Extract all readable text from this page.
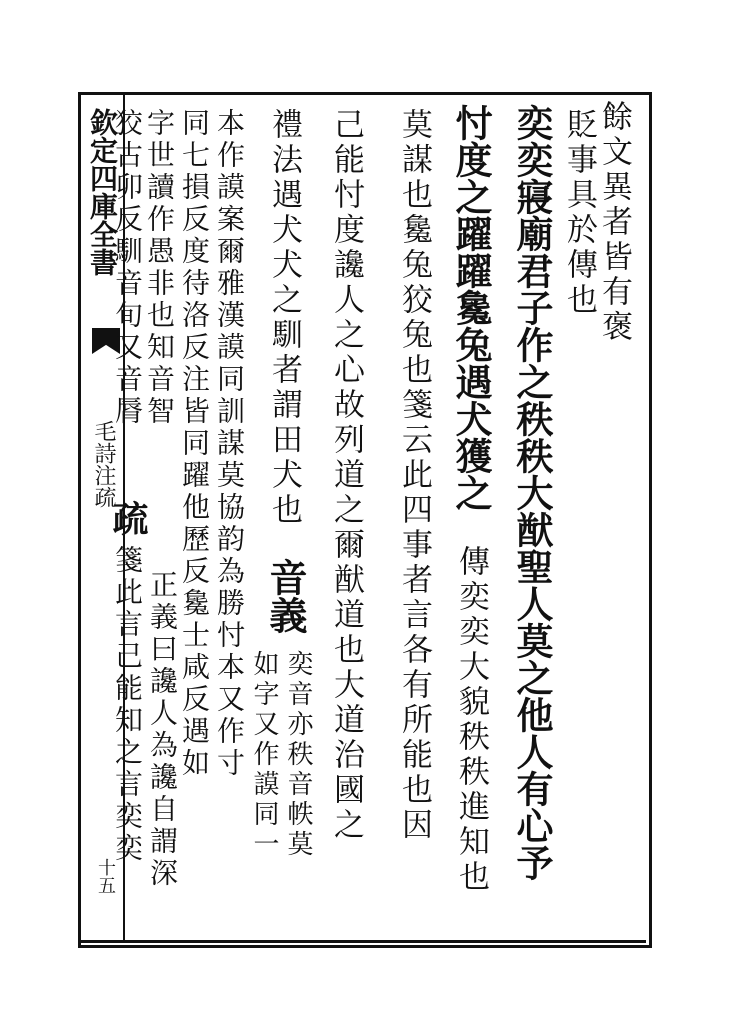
欽定四庫全書
毛詩注疏
十五
餘文異者皆有褒
貶事具於傳也
奕奕寢廟君子作之秩秩大猷聖人莫之他人有心予
忖度之躍躍毚兔遇犬獲之
傳奕奕大貌秩秩進知也
莫謀也毚兔狡兔也箋云此四事者言各有所能也因
己能忖度讒人之心故列道之爾猷道也大道治國之
禮法遇犬犬之馴者謂田犬也
音義
奕音亦秩音帙莫
如字又作謨同一
本作謨案爾雅漢謨同訓謀莫協韵為勝忖本又作寸
同七損反度待洛反注皆同躍他歷反毚士咸反遇如
字世讀作愚非也知音智
正義曰讒人為讒自謂深
疏
狡古卯反馴音旬又音脣
箋此言己能知之言奕奕
